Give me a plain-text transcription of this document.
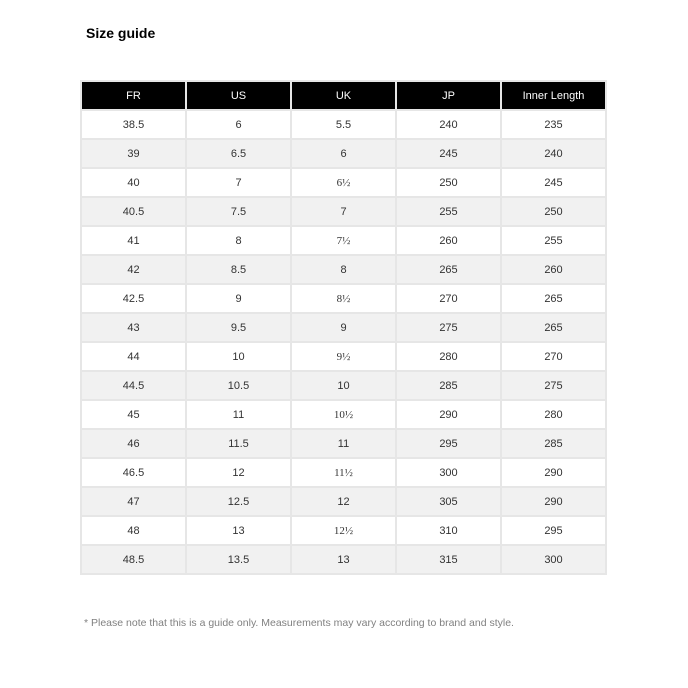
Size guide
FR	US	UK	JP	Inner Length
38.5	6	5.5	240	235
39	6.5	6	245	240
40	7	6½	250	245
40.5	7.5	7	255	250
41	8	7½	260	255
42	8.5	8	265	260
42.5	9	8½	270	265
43	9.5	9	275	265
44	10	9½	280	270
44.5	10.5	10	285	275
45	11	10½	290	280
46	11.5	11	295	285
46.5	12	11½	300	290
47	12.5	12	305	290
48	13	12½	310	295
48.5	13.5	13	315	300

* Please note that this is a guide only. Measurements may vary according to brand and style.
